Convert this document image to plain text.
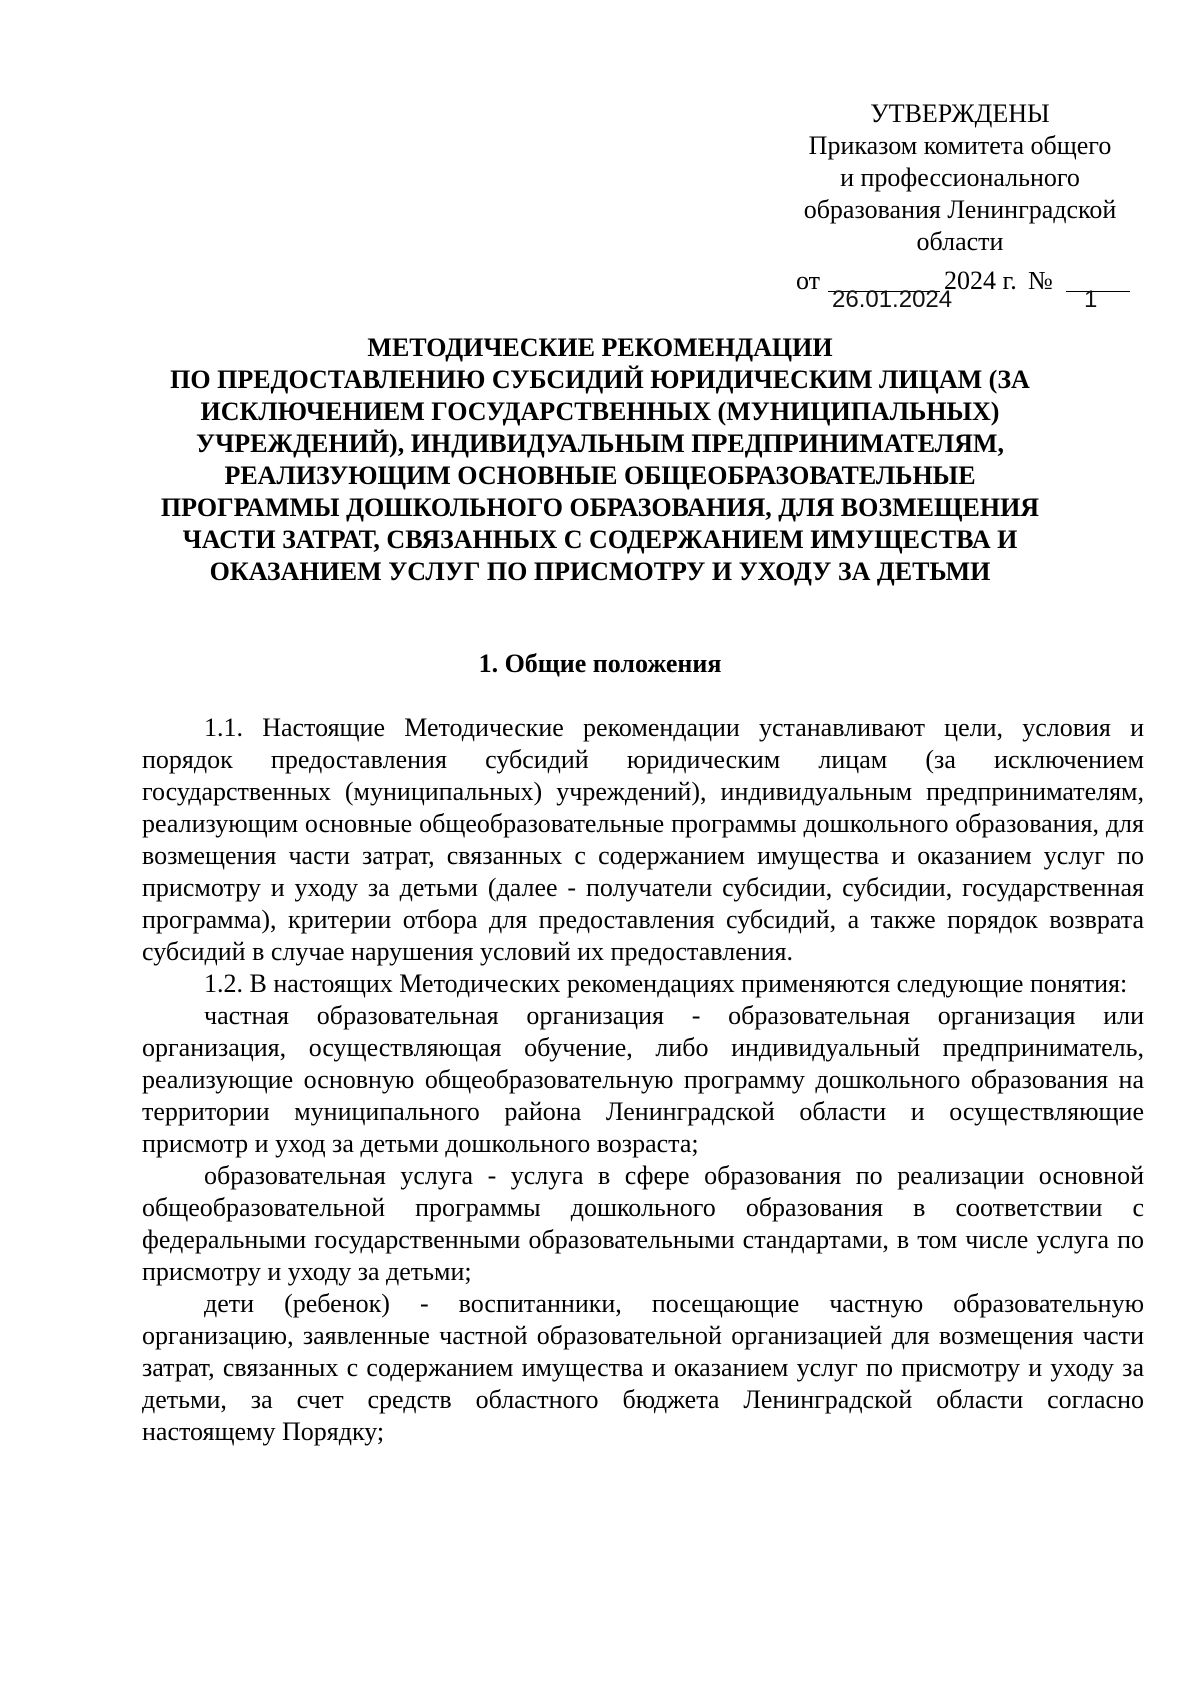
УТВЕРЖДЕНЫ
Приказом комитета общего
и профессионального
образования Ленинградской
области
от
26.01.2024
2024 г. №
1
МЕТОДИЧЕСКИЕ РЕКОМЕНДАЦИИ
ПО ПРЕДОСТАВЛЕНИЮ СУБСИДИЙ ЮРИДИЧЕСКИМ ЛИЦАМ (ЗА
ИСКЛЮЧЕНИЕМ ГОСУДАРСТВЕННЫХ (МУНИЦИПАЛЬНЫХ)
УЧРЕЖДЕНИЙ), ИНДИВИДУАЛЬНЫМ ПРЕДПРИНИМАТЕЛЯМ,
РЕАЛИЗУЮЩИМ ОСНОВНЫЕ ОБЩЕОБРАЗОВАТЕЛЬНЫЕ
ПРОГРАММЫ ДОШКОЛЬНОГО ОБРАЗОВАНИЯ, ДЛЯ ВОЗМЕЩЕНИЯ
ЧАСТИ ЗАТРАТ, СВЯЗАННЫХ С СОДЕРЖАНИЕМ ИМУЩЕСТВА И
ОКАЗАНИЕМ УСЛУГ ПО ПРИСМОТРУ И УХОДУ ЗА ДЕТЬМИ
1. Общие положения

1.1. Настоящие Методические рекомендации устанавливают цели, условия и порядок предоставления субсидий юридическим лицам (за исключением государственных (муниципальных) учреждений), индивидуальным предпринимателям, реализующим основные общеобразовательные программы дошкольного образования, для возмещения части затрат, связанных с содержанием имущества и оказанием услуг по присмотру и уходу за детьми (далее - получатели субсидии, субсидии, государственная программа), критерии отбора для предоставления субсидий, а также порядок возврата субсидий в случае нарушения условий их предоставления.

1.2. В настоящих Методических рекомендациях применяются следующие понятия:

частная образовательная организация - образовательная организация или организация, осуществляющая обучение, либо индивидуальный предприниматель, реализующие основную общеобразовательную программу дошкольного образования на территории муниципального района Ленинградской области и осуществляющие присмотр и уход за детьми дошкольного возраста;

образовательная услуга - услуга в сфере образования по реализации основной общеобразовательной программы дошкольного образования в соответствии с федеральными государственными образовательными стандартами, в том числе услуга по присмотру и уходу за детьми;

дети (ребенок) - воспитанники, посещающие частную образовательную организацию, заявленные частной образовательной организацией для возмещения части затрат, связанных с содержанием имущества и оказанием услуг по присмотру и уходу за детьми, за счет средств областного бюджета Ленинградской области согласно настоящему Порядку;
